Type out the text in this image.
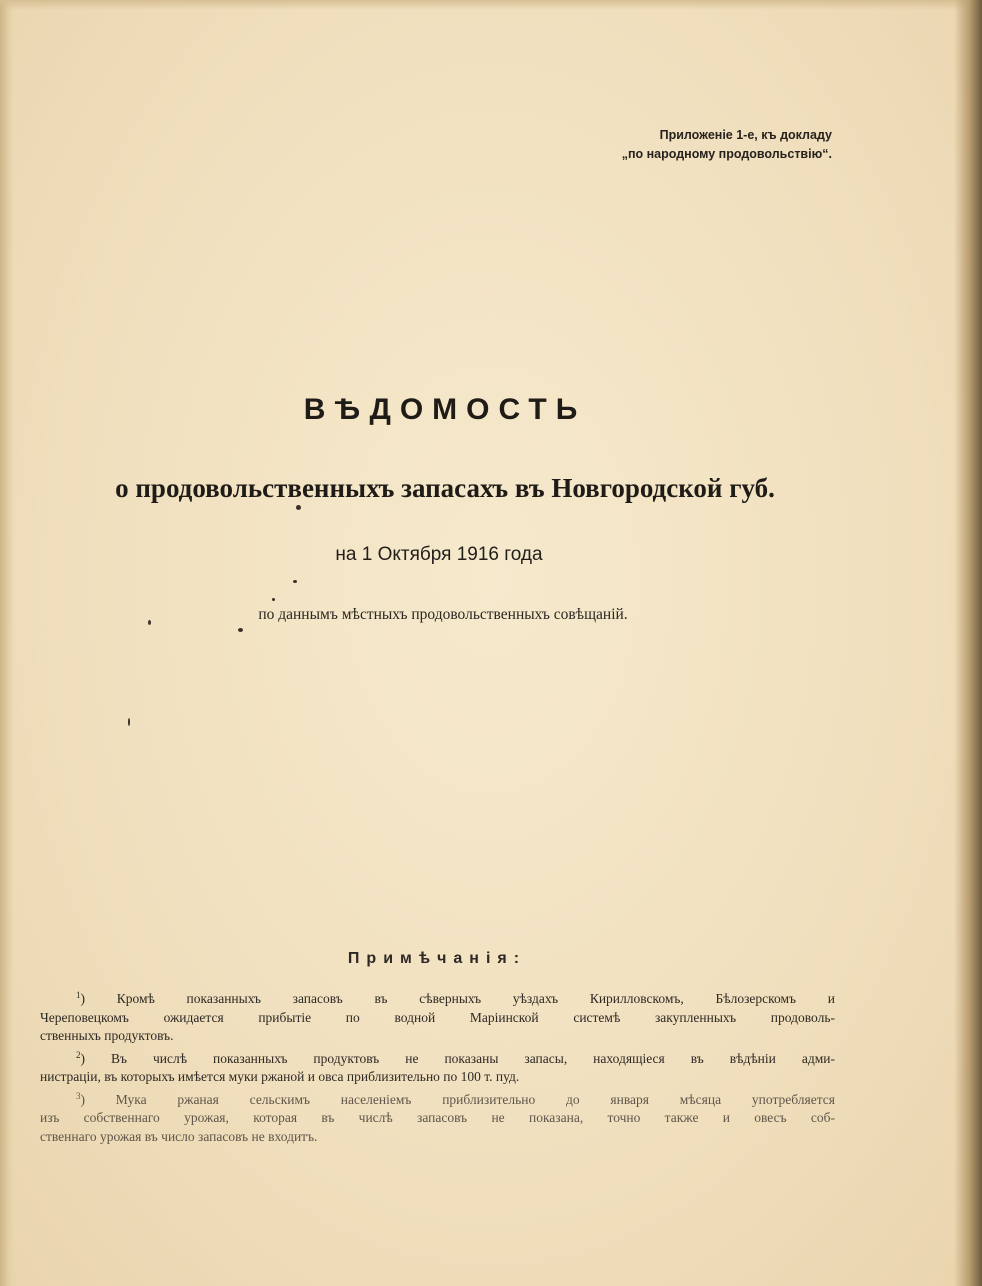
Приложеніе 1-е, къ докладу
„по народному продовольствію“.
ВѢДОМОСТЬ
о продовольственныхъ запасахъ въ Новгородской губ.
на 1 Октября 1916 года
по даннымъ мѣстныхъ продовольственныхъ совѣщаній.
Примѣчанія:
$^1$) Кромѣ показанныхъ запасовъ въ сѣверныхъ уѣздахъ Кирилловскомъ, Бѣлозерскомъ и
Череповецкомъ ожидается прибытіе по водной Маріинской системѣ закупленныхъ продоволь-
ственныхъ продуктовъ.
$^2$) Въ числѣ показанныхъ продуктовъ не показаны запасы, находящіеся въ вѣдѣніи адми-
нистраціи, въ которыхъ имѣется муки ржаной и овса приблизительно по 100 т. пуд.
$^3$) Мука ржаная сельскимъ населеніемъ приблизительно до января мѣсяца употребляется
изъ собственнаго урожая, которая въ числѣ запасовъ не показана, точно также и овесъ соб-
ственнаго урожая въ число запасовъ не входитъ.
